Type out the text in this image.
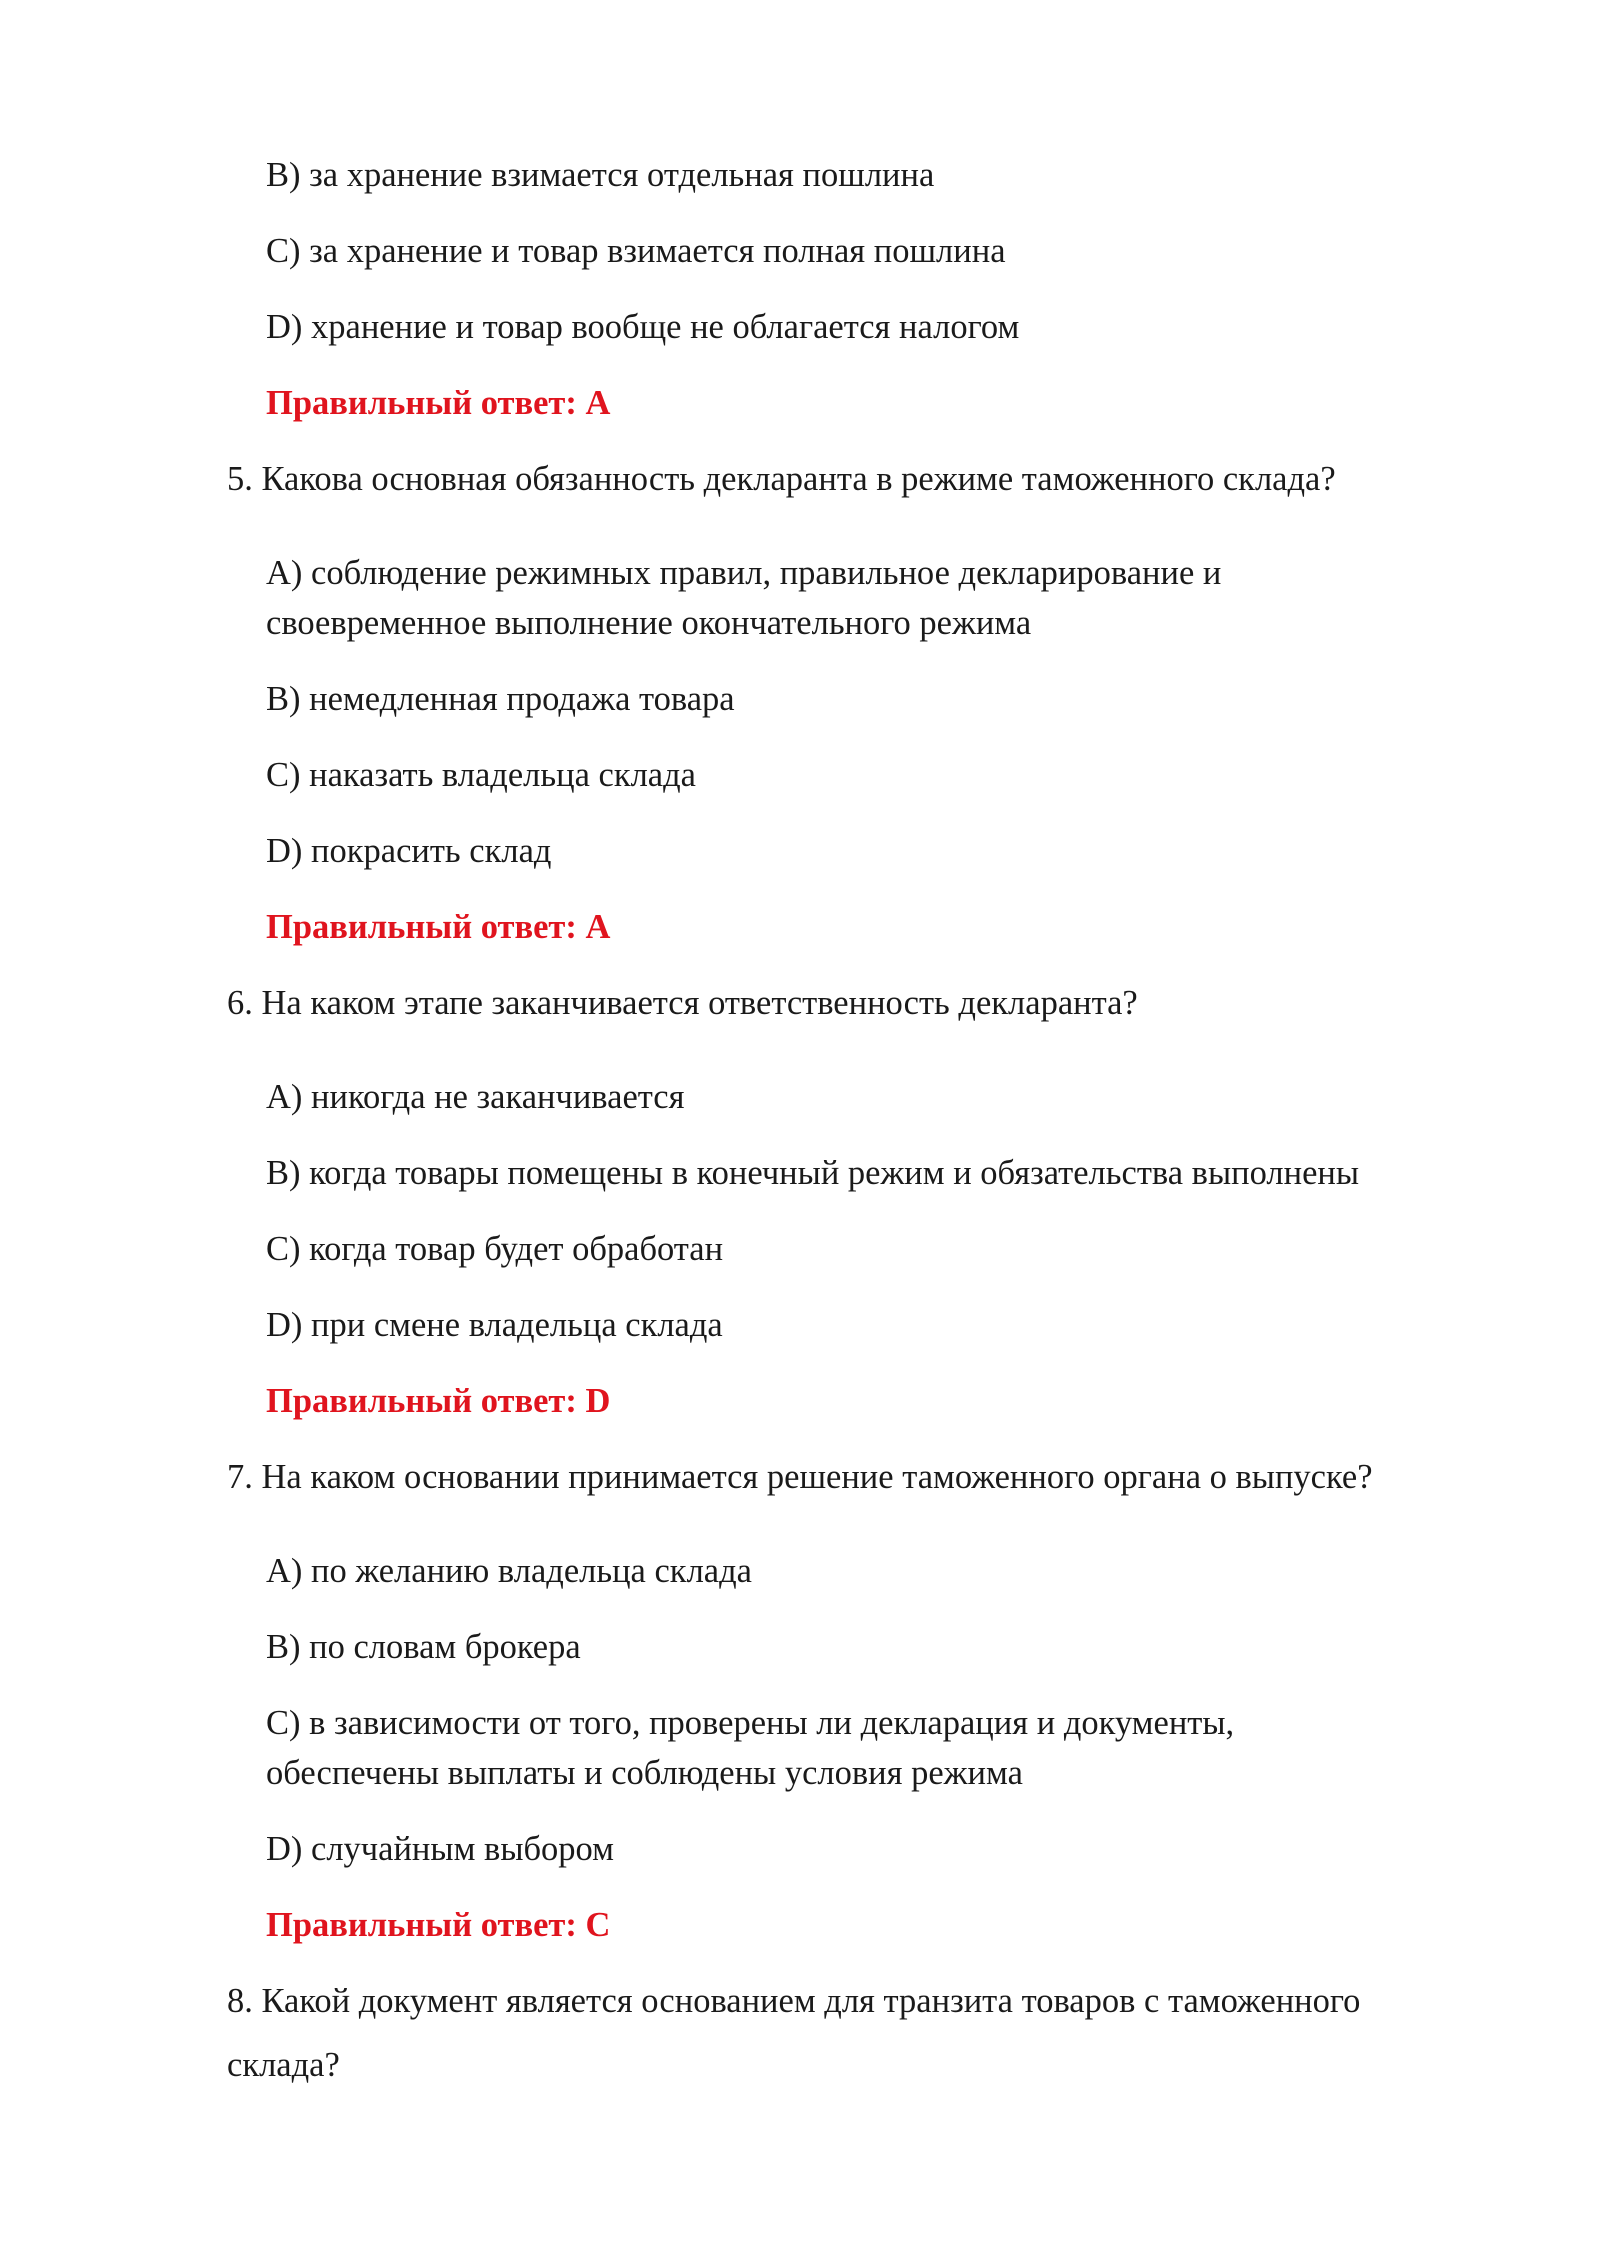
B) за хранение взимается отдельная пошлина
C) за хранение и товар взимается полная пошлина
D) хранение и товар вообще не облагается налогом
Правильный ответ: A
5. Какова основная обязанность декларанта в режиме таможенного склада?
A) соблюдение режимных правил, правильное декларирование и
своевременное выполнение окончательного режима
B) немедленная продажа товара
C) наказать владельца склада
D) покрасить склад
Правильный ответ: A
6. На каком этапе заканчивается ответственность декларанта?
A) никогда не заканчивается
B) когда товары помещены в конечный режим и обязательства выполнены
C) когда товар будет обработан
D) при смене владельца склада
Правильный ответ: D
7. На каком основании принимается решение таможенного органа о выпуске?
A) по желанию владельца склада
B) по словам брокера
C) в зависимости от того, проверены ли декларация и документы,
обеспечены выплаты и соблюдены условия режима
D) случайным выбором
Правильный ответ: C
8. Какой документ является основанием для транзита товаров с таможенного
склада?
